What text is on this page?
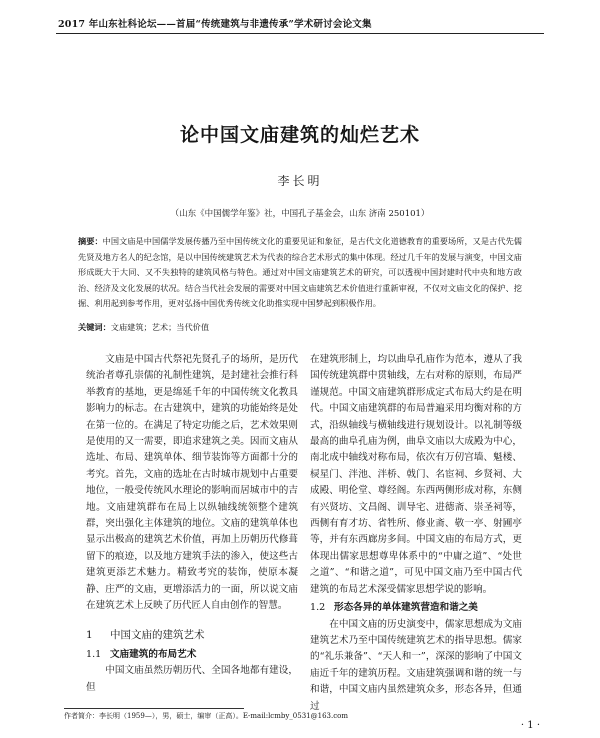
2017 年山东社科论坛——首届“传统建筑与非遗传承”学术研讨会论文集
论中国文庙建筑的灿烂艺术
李长明
（山东《中国儒学年鉴》社，中国孔子基金会，山东 济南 250101）

摘要：中国文庙是中国儒学发展传播乃至中国传统文化的重要见证和象征，是古代文化道德教育的重要场所，又是古代先儒先贤及地方名人的纪念馆，是以中国传统建筑艺术为代表的综合艺术形式的集中体现。经过几千年的发展与演变，中国文庙形成既大于大同、又不失独特的建筑风格与特色。通过对中国文庙建筑艺术的研究，可以透视中国封建时代中央和地方政治、经济及文化发展的状况。结合当代社会发展的需要对中国文庙建筑艺术价值进行重新审视，不仅对文庙文化的保护、挖掘、利用起到参考作用，更对弘扬中国优秀传统文化助推实现中国梦起到积极作用。

关键词：文庙建筑；艺术；当代价值

文庙是中国古代祭祀先贤孔子的场所，是历代统治者尊孔崇儒的礼制性建筑，是封建社会推行科举教育的基地，更是绵延千年的中国传统文化教具影响力的标志。在古建筑中，建筑的功能始终是处在第一位的。在满足了特定功能之后，艺术效果则是使用的又一需要，即追求建筑之美。因而文庙从选址、布局、建筑单体、细节装饰等方面都十分的考究。首先，文庙的选址在古时城市规划中占重要地位，一般受传统风水理论的影响而居城市中的吉地。文庙建筑群布在局上以纵轴线统领整个建筑群，突出强化主体建筑的地位。文庙的建筑单体也显示出极高的建筑艺术价值，再加上历朝历代修葺留下的痕迹，以及地方建筑手法的渗入，使这些古建筑更添艺术魅力。精致考究的装饰，使原本凝静、庄严的文庙，更增添活力的一面，所以说文庙在建筑艺术上反映了历代匠人自由创作的智慧。

1 中国文庙的建筑艺术

1.1 文庙建筑的布局艺术

中国文庙虽然历朝历代、全国各地都有建设，但

在建筑形制上，均以曲阜孔庙作为范本，遵从了我国传统建筑群中贯轴线，左右对称的原则，布局严谨规范。中国文庙建筑群形成定式布局大约是在明代。中国文庙建筑群的布局普遍采用均衡对称的方式，沿纵轴线与横轴线进行规划设计。以礼制等级最高的曲阜孔庙为例，曲阜文庙以大成殿为中心，南北成中轴线对称布局，依次有万仞宫墙、魁楼、棂星门、泮池、泮桥、戟门、名宦祠、乡贤祠、大成殿、明伦堂、尊经阁。东西两侧形成对称，东侧有兴贤坊、文昌阁、训导宅、进德斋、崇圣祠等，西侧有育才坊、省牲所、修业斋、敬一亭、射圃亭等，并有东西廊房多间。中国文庙的布局方式，更体现出儒家思想尊卑体系中的“中庸之道”、“处世之道”、“和谐之道”，可见中国文庙乃至中国古代建筑的布局艺术深受儒家思想学说的影响。

1.2 形态各异的单体建筑营造和谐之美

在中国文庙的历史演变中，儒家思想成为文庙建筑艺术乃至中国传统建筑艺术的指导思想。儒家的“礼乐兼备”、“天人和一”，深深的影响了中国文庙近千年的建筑历程。文庙建筑强调和谐的统一与和谐，中国文庙内虽然建筑众多，形态各异，但通过

作者简介：李长明（1959—），男，硕士，编审（正高）。E-mail:lcmby_0531@163.com
· 1 ·
